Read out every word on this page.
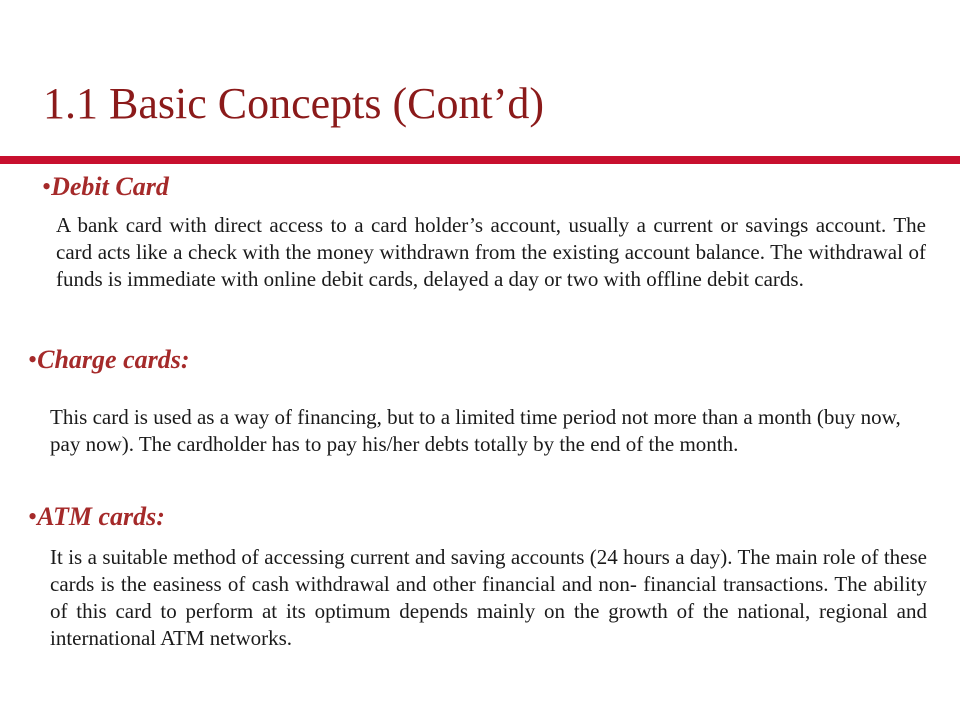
1.1 Basic Concepts (Cont’d)
•Debit Card

A bank card with direct access to a card holder’s account, usually a current or savings account. The card acts like a check with the money withdrawn from the existing account balance. The withdrawal of funds is immediate with online debit cards, delayed a day or two with offline debit cards.

•Charge cards:

This card is used as a way of financing, but to a limited time period not more than a month (buy now, pay now). The cardholder has to pay his/her debts totally by the end of the month.

•ATM cards:

It is a suitable method of accessing current and saving accounts (24 hours a day). The main role of these cards is the easiness of cash withdrawal and other financial and non- financial transactions. The ability of this card to perform at its optimum depends mainly on the growth of the national, regional and international ATM networks.
